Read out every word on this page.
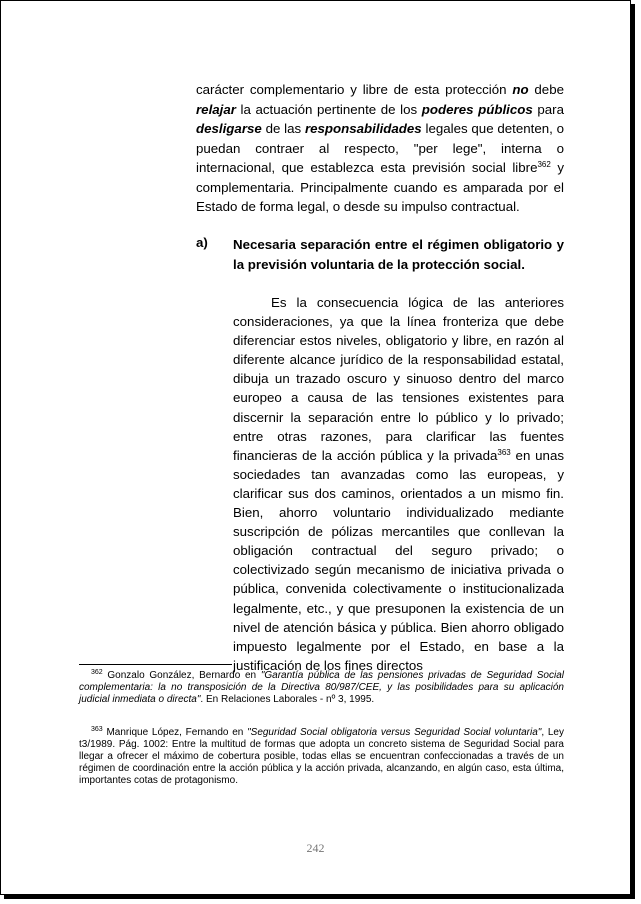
carácter complementario y libre de esta protección no debe relajar la actuación pertinente de los poderes públicos para desligarse de las responsabilidades legales que detenten, o puedan contraer al respecto, "per lege", interna o internacional, que establezca esta previsión social libre$^{362}$ y complementaria. Principalmente cuando es amparada por el Estado de forma legal, o desde su impulso contractual.

a) Necesaria separación entre el régimen obligatorio y la previsión voluntaria de la protección social.

Es la consecuencia lógica de las anteriores consideraciones, ya que la línea fronteriza que debe diferenciar estos niveles, obligatorio y libre, en razón al diferente alcance jurídico de la responsabilidad estatal, dibuja un trazado oscuro y sinuoso dentro del marco europeo a causa de las tensiones existentes para discernir la separación entre lo público y lo privado; entre otras razones, para clarificar las fuentes financieras de la acción pública y la privada$^{363}$ en unas sociedades tan avanzadas como las europeas, y clarificar sus dos caminos, orientados a un mismo fin. Bien, ahorro voluntario individualizado mediante suscripción de pólizas mercantiles que conllevan la obligación contractual del seguro privado; o colectivizado según mecanismo de iniciativa privada o pública, convenida colectivamente o institucionalizada legalmente, etc., y que presuponen la existencia de un nivel de atención básica y pública. Bien ahorro obligado impuesto legalmente por el Estado, en base a la justificación de los fines directos

$^{362}$ Gonzalo González, Bernardo en "Garantía pública de las pensiones privadas de Seguridad Social complementaria: la no transposición de la Directiva 80/987/CEE, y las posibilidades para su aplicación judicial inmediata o directa". En Relaciones Laborales - nº 3, 1995.

$^{363}$ Manrique López, Fernando en "Seguridad Social obligatoria versus Seguridad Social voluntaria", Ley t3/1989. Pág. 1002: Entre la multitud de formas que adopta un concreto sistema de Seguridad Social para llegar a ofrecer el máximo de cobertura posible, todas ellas se encuentran confeccionadas a través de un régimen de coordinación entre la acción pública y la acción privada, alcanzando, en algún caso, esta última, importantes cotas de protagonismo.

242
